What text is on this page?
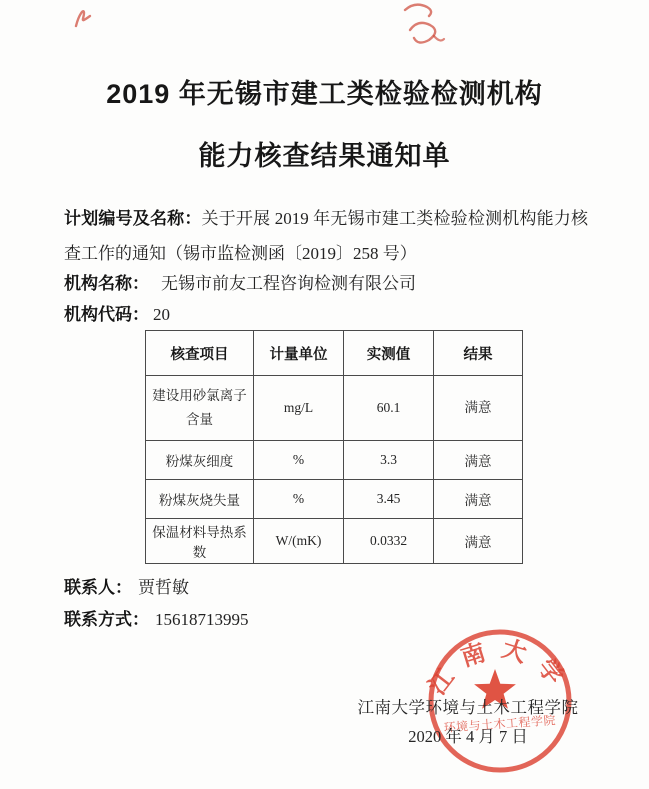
2019 年无锡市建工类检验检测机构
能力核查结果通知单
计划编号及名称：关于开展 2019 年无锡市建工类检验检测机构能力核查工作的通知（锡市监检测函〔2019〕258 号）
机构名称： 无锡市前友工程咨询检测有限公司
机构代码： 20
核查项目	计量单位	实测值	结果
建设用砂氯离子含量	mg/L	60.1	满意
粉煤灰细度	%	3.3	满意
粉煤灰烧失量	%	3.45	满意
保温材料导热系数	W/(mK)	0.0332	满意
联系人： 贾哲敏
联系方式： 15618713995
江南大学
环境与土木工程学院
江南大学环境与土木工程学院
2020 年 4 月 7 日
